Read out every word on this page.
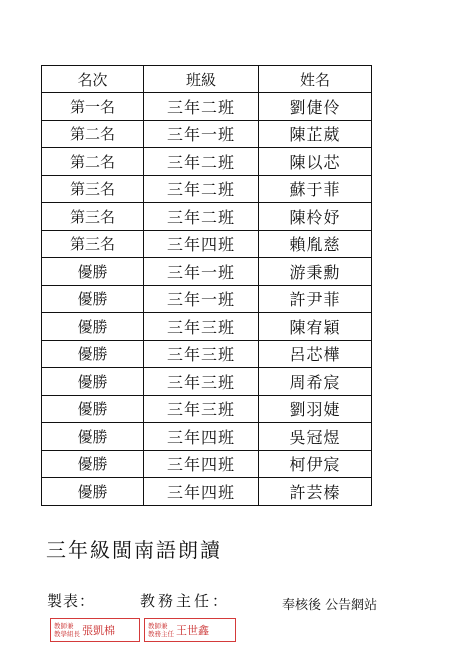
名次	班級	姓名
第一名	三年二班	劉倢伶
第二名	三年一班	陳芷葳
第二名	三年二班	陳以芯
第三名	三年二班	蘇于菲
第三名	三年二班	陳柃妤
第三名	三年四班	賴胤慈
優勝	三年一班	游秉勳
優勝	三年一班	許尹菲
優勝	三年三班	陳宥穎
優勝	三年三班	呂芯樺
優勝	三年三班	周希宸
優勝	三年三班	劉羽婕
優勝	三年四班	吳冠煜
優勝	三年四班	柯伊宸
優勝	三年四班	許芸榛
三年級閩南語朗讀
製表：	教務主任：	奉核後 公告網站
教師兼
教學組長 張凱棉	教師兼
教務主任 王世鑫
